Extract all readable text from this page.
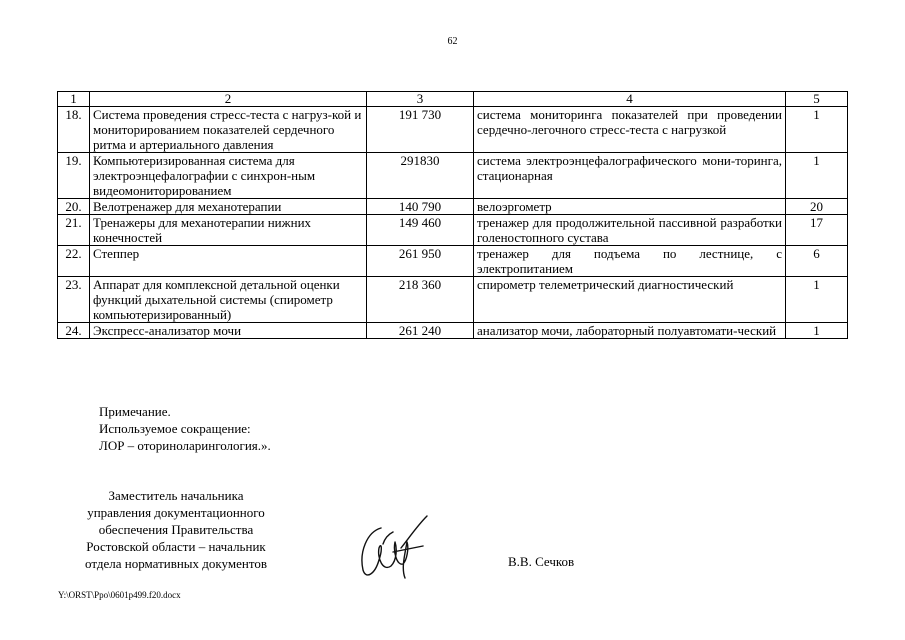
62
1	2	3	4	5
18.	Система проведения стресс-теста с нагруз-кой и мониторированием показателей сердечного ритма и артериального давления	191 730	система мониторинга показателей при проведении сердечно-легочного стресс-теста с нагрузкой	1
19.	Компьютеризированная система для электроэнцефалографии с синхрон-ным видеомониторированием	291830	система электроэнцефалографического мони-торинга, стационарная	1
20.	Велотренажер для механотерапии	140 790	велоэргометр	20
21.	Тренажеры для механотерапии нижних конечностей	149 460	тренажер для продолжительной пассивной разработки голеностопного сустава	17
22.	Степпер	261 950	тренажер для подъема по лестнице, с электропитанием	6
23.	Аппарат для комплексной детальной оценки функций дыхательной системы (спирометр компьютеризированный)	218 360	спирометр телеметрический диагностический	1
24.	Экспресс-анализатор мочи	261 240	анализатор мочи, лабораторный полуавтомати-ческий	1
Примечание.
Используемое сокращение:
ЛОР – оториноларингология.».
Заместитель начальника
управления документационного
обеспечения Правительства
Ростовской области – начальник
отдела нормативных документов	В.В. Сечков
Y:\ORST\Ppo\0601p499.f20.docx
